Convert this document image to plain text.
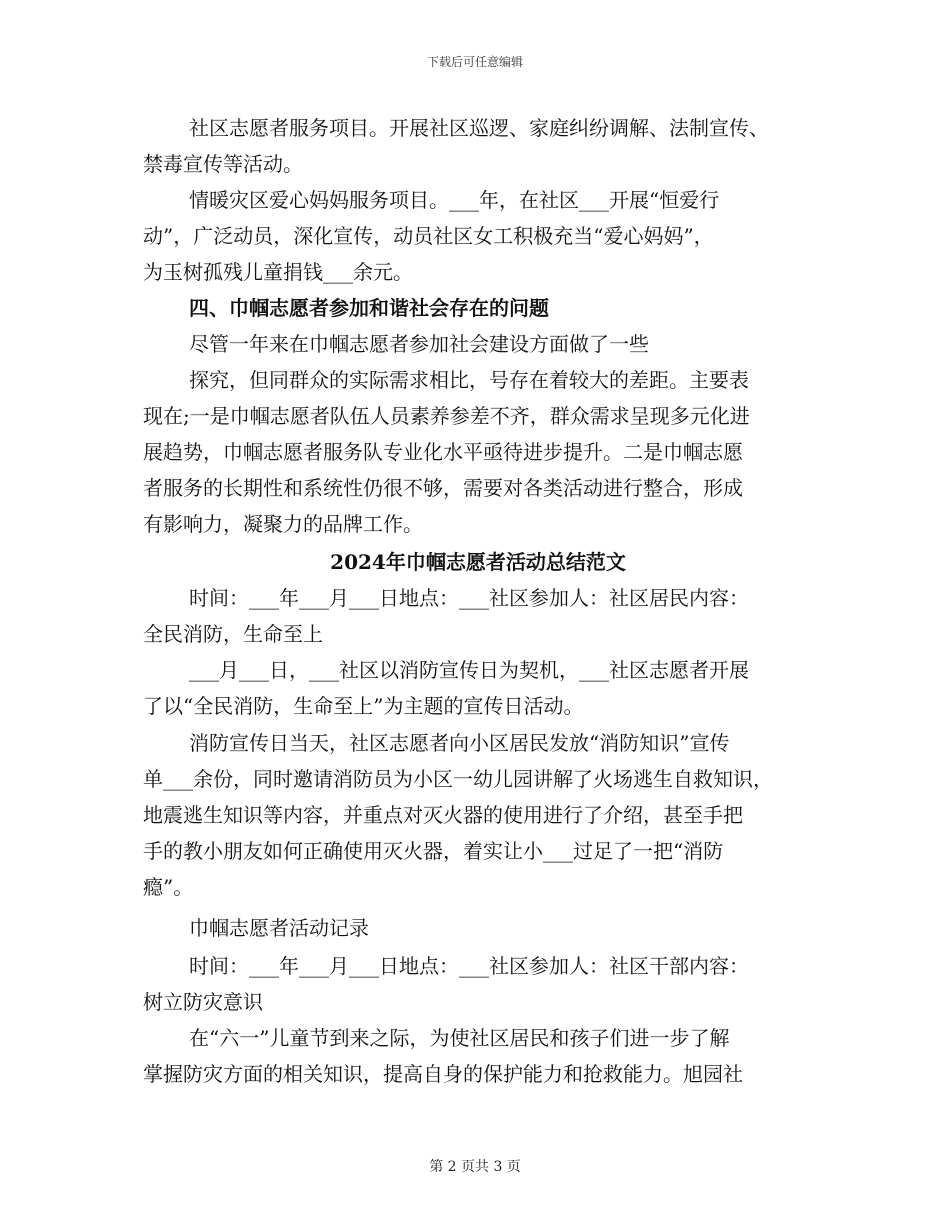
下载后可任意编辑
社区志愿者服务项目。开展社区巡逻、家庭纠纷调解、法制宣传、
禁毒宣传等活动。
情暖灾区爱心妈妈服务项目。___年，在社区___开展“恒爱行
动”，广泛动员，深化宣传，动员社区女工积极充当“爱心妈妈”，
为玉树孤残儿童捐钱___余元。
四、巾帼志愿者参加和谐社会存在的问题
尽管一年来在巾帼志愿者参加社会建设方面做了一些
探究，但同群众的实际需求相比，号存在着较大的差距。主要表
现在;一是巾帼志愿者队伍人员素养参差不齐，群众需求呈现多元化进
展趋势，巾帼志愿者服务队专业化水平亟待进步提升。二是巾帼志愿
者服务的长期性和系统性仍很不够，需要对各类活动进行整合，形成
有影响力，凝聚力的品牌工作。
2024年巾帼志愿者活动总结范文
时间：___年___月___日地点：___社区参加人：社区居民内容：
全民消防，生命至上
___月___日，___社区以消防宣传日为契机，___社区志愿者开展
了以“全民消防，生命至上”为主题的宣传日活动。
消防宣传日当天，社区志愿者向小区居民发放“消防知识”宣传
单___余份，同时邀请消防员为小区一幼儿园讲解了火场逃生自救知识，
地震逃生知识等内容，并重点对灭火器的使用进行了介绍，甚至手把
手的教小朋友如何正确使用灭火器，着实让小___过足了一把“消防
瘾”。
巾帼志愿者活动记录
时间：___年___月___日地点：___社区参加人：社区干部内容：
树立防灾意识
在“六一”儿童节到来之际，为使社区居民和孩子们进一步了解
掌握防灾方面的相关知识，提高自身的保护能力和抢救能力。旭园社
第 2 页共 3 页
